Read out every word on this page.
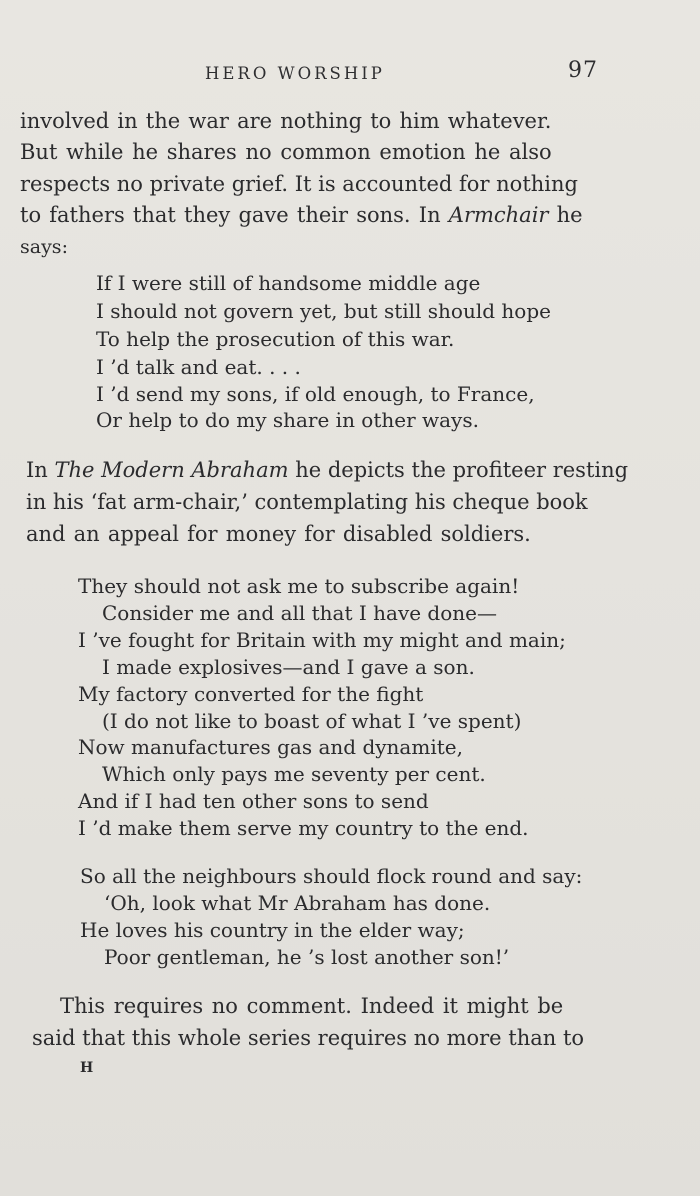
HERO WORSHIP	97
involved in the war are nothing to him whatever.
But while he shares no common emotion he also
respects no private grief. It is accounted for nothing
to fathers that they gave their sons. In Armchair he
says:
If I were still of handsome middle age
I should not govern yet, but still should hope
To help the prosecution of this war.
I ’d talk and eat. . . .
I ’d send my sons, if old enough, to France,
Or help to do my share in other ways.
In The Modern Abraham he depicts the profiteer resting
in his ‘fat arm-chair,’ contemplating his cheque book
and an appeal for money for disabled soldiers.
They should not ask me to subscribe again!
Consider me and all that I have done—
I ’ve fought for Britain with my might and main;
I made explosives—and I gave a son.
My factory converted for the fight
(I do not like to boast of what I ’ve spent)
Now manufactures gas and dynamite,
Which only pays me seventy per cent.
And if I had ten other sons to send
I ’d make them serve my country to the end.
So all the neighbours should flock round and say:
‘Oh, look what Mr Abraham has done.
He loves his country in the elder way;
Poor gentleman, he ’s lost another son!’
This requires no comment. Indeed it might be
said that this whole series requires no more than to
H
